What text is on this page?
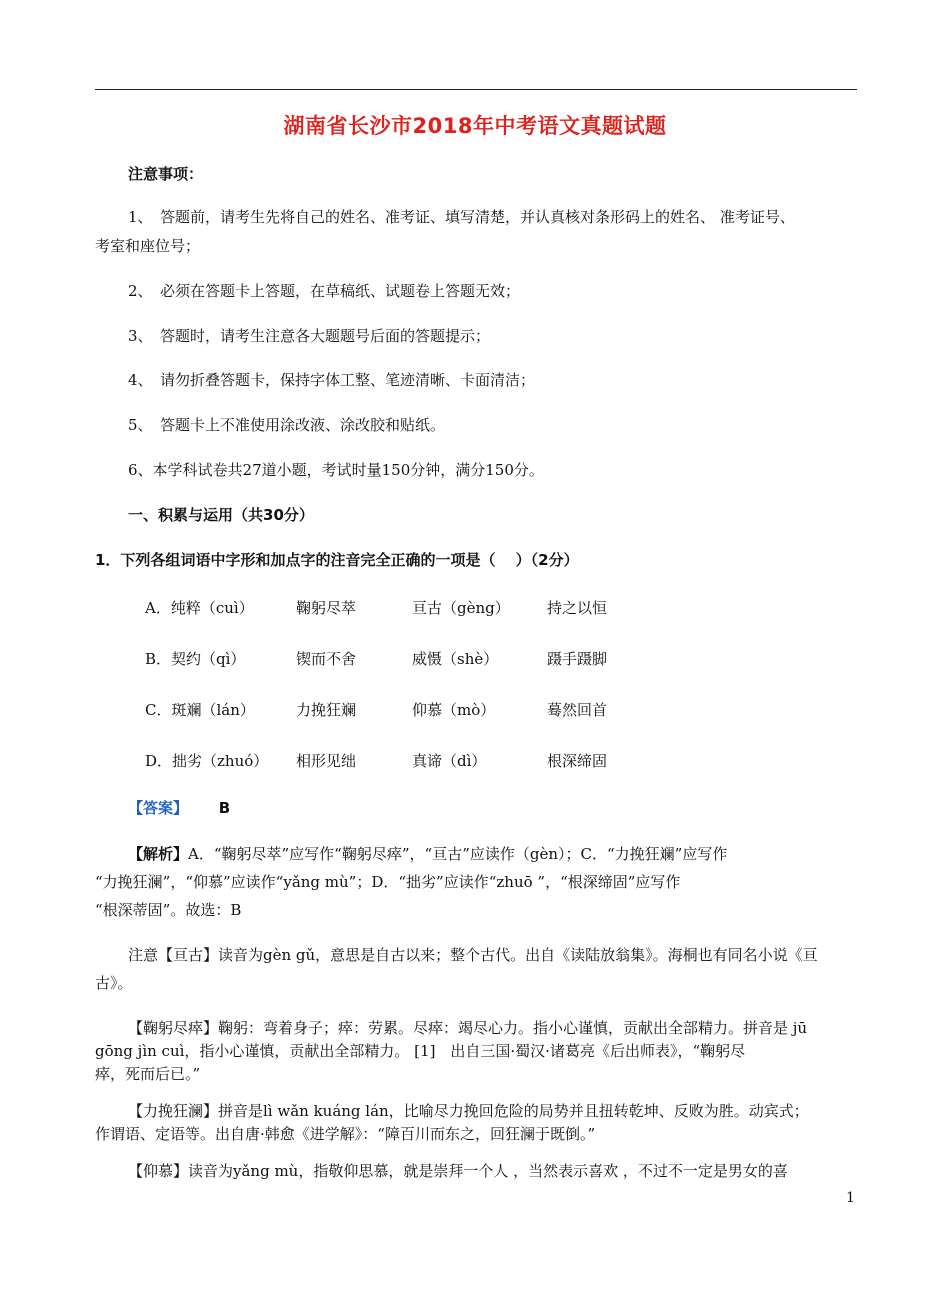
湖南省长沙市2018年中考语文真题试题
注意事项：
1、　答题前，请考生先将自己的姓名、准考证、填写清楚，并认真核对条形码上的姓名、 准考证号、
考室和座位号；
2、　必须在答题卡上答题，在草稿纸、试题卷上答题无效；
3、　答题时，请考生注意各大题题号后面的答题提示；
4、　请勿折叠答题卡，保持字体工整、笔迹清晰、卡面清洁；
5、　答题卡上不准使用涂改液、涂改胶和贴纸。
6、本学科试卷共27道小题，考试时量150分钟，满分150分。
一、积累与运用（共30分）
1．下列各组词语中字形和加点字的注音完全正确的一项是（　 ）（2分）
A．纯粹（cuì）	鞠躬尽萃	亘古（gèng） 持之以恒
B．契约（qì）	锲而不舍	威慑（shè）	蹑手蹑脚
C．斑斓（lán）	力挽狂斓	仰慕（mò）	蓦然回首
D．拙劣（zhuó） 相形见绌	真谛（dì）	根深缔固
【答案】 B
【解析】A．“鞠躬尽萃”应写作“鞠躬尽瘁”，“亘古”应读作（gèn）；C．“力挽狂斓”应写作
“力挽狂澜”，“仰慕”应读作“yǎng mù”；D．“拙劣”应读作“zhuō ”，“根深缔固”应写作
“根深蒂固”。故选：B
注意【亘古】读音为gèn gǔ，意思是自古以来；整个古代。出自《读陆放翁集》。海桐也有同名小说《亘
古》。
【鞠躬尽瘁】鞠躬：弯着身子；瘁：劳累。尽瘁：竭尽心力。指小心谨慎，贡献出全部精力。拼音是 jū
gōng jìn cuì，指小心谨慎，贡献出全部精力。 [1]　出自三国·蜀汉·诸葛亮《后出师表》，“鞠躬尽
瘁，死而后已。”
【力挽狂澜】拼音是lì wǎn kuáng lán，比喻尽力挽回危险的局势并且扭转乾坤、反败为胜。动宾式；
作谓语、定语等。出自唐·韩愈《进学解》：“障百川而东之，回狂澜于既倒。”
【仰慕】读音为yǎng mù，指敬仰思慕，就是崇拜一个人 ，当然表示喜欢 ，不过不一定是男女的喜
1
